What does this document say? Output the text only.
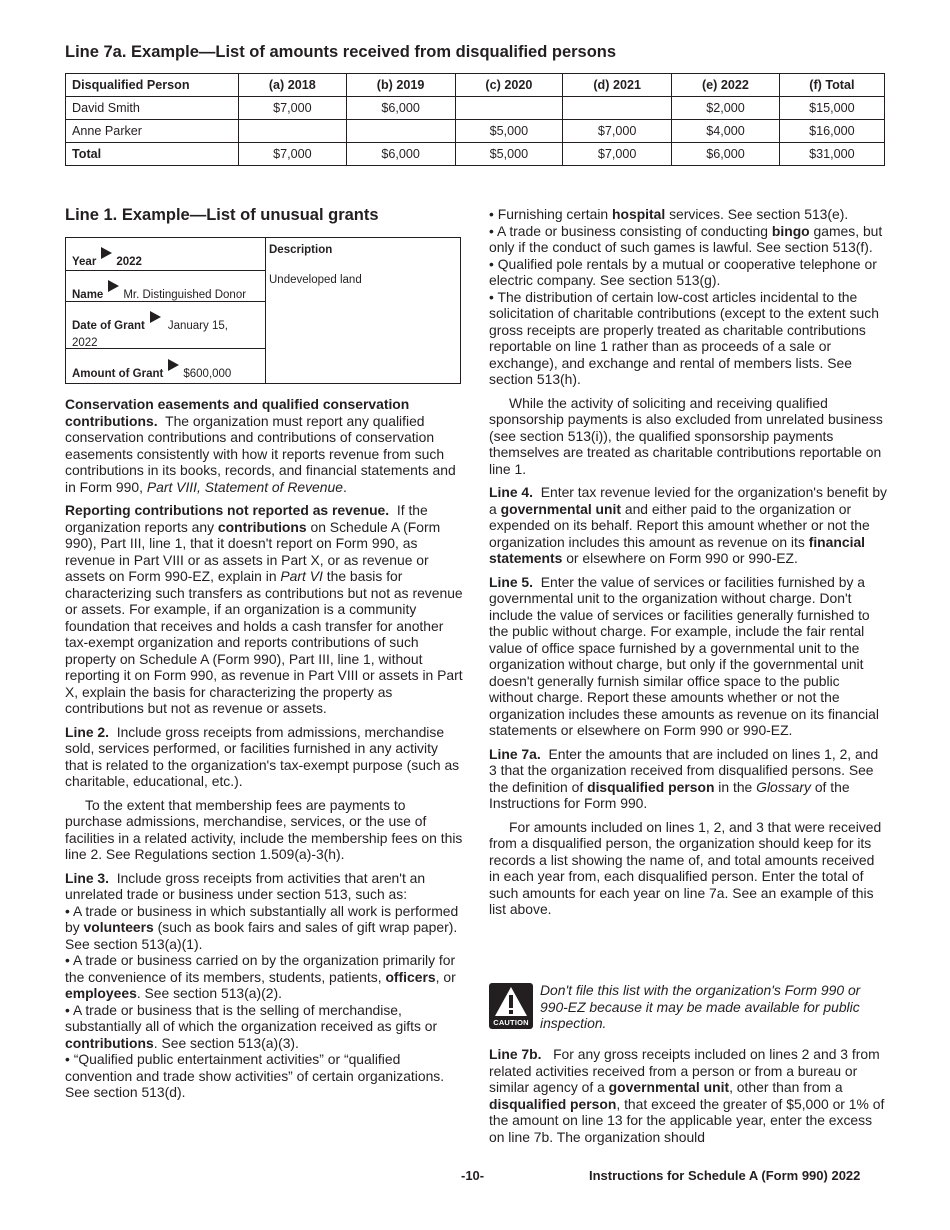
Line 7a. Example—List of amounts received from disqualified persons
Disqualified Person	(a) 2018	(b) 2019	(c) 2020	(d) 2021	(e) 2022	(f) Total
David Smith	$7,000	$6,000			$2,000	$15,000
Anne Parker			$5,000	$7,000	$4,000	$16,000
Total	$7,000	$6,000	$5,000	$7,000	$6,000	$31,000
Line 1. Example—List of unusual grants
Year 2022
Name Mr. Distinguished Donor
Date of Grant January 15,
2022
Amount of Grant $600,000
Description
Undeveloped land

Conservation easements and qualified conservation contributions. The organization must report any qualified conservation contributions and contributions of conservation easements consistently with how it reports revenue from such contributions in its books, records, and financial statements and in Form 990, Part VIII, Statement of Revenue.

Reporting contributions not reported as revenue. If the organization reports any contributions on Schedule A (Form 990), Part III, line 1, that it doesn't report on Form 990, as revenue in Part VIII or as assets in Part X, or as revenue or assets on Form 990-EZ, explain in Part VI the basis for characterizing such transfers as contributions but not as revenue or assets. For example, if an organization is a community foundation that receives and holds a cash transfer for another tax-exempt organization and reports contributions of such property on Schedule A (Form 990), Part III, line 1, without reporting it on Form 990, as revenue in Part VIII or assets in Part X, explain the basis for characterizing the property as contributions but not as revenue or assets.

Line 2. Include gross receipts from admissions, merchandise sold, services performed, or facilities furnished in any activity that is related to the organization's tax-exempt purpose (such as charitable, educational, etc.).

To the extent that membership fees are payments to purchase admissions, merchandise, services, or the use of facilities in a related activity, include the membership fees on this line 2. See Regulations section 1.509(a)-3(h).

Line 3. Include gross receipts from activities that aren't an unrelated trade or business under section 513, such as:

• A trade or business in which substantially all work is performed by volunteers (such as book fairs and sales of gift wrap paper). See section 513(a)(1).
• A trade or business carried on by the organization primarily for the convenience of its members, students, patients, officers, or employees. See section 513(a)(2).
• A trade or business that is the selling of merchandise, substantially all of which the organization received as gifts or contributions. See section 513(a)(3).
• “Qualified public entertainment activities” or “qualified convention and trade show activities” of certain organizations. See section 513(d).
• Furnishing certain hospital services. See section 513(e).
• A trade or business consisting of conducting bingo games, but only if the conduct of such games is lawful. See section 513(f).
• Qualified pole rentals by a mutual or cooperative telephone or electric company. See section 513(g).
• The distribution of certain low-cost articles incidental to the solicitation of charitable contributions (except to the extent such gross receipts are properly treated as charitable contributions reportable on line 1 rather than as proceeds of a sale or exchange), and exchange and rental of members lists. See section 513(h).

While the activity of soliciting and receiving qualified sponsorship payments is also excluded from unrelated business (see section 513(i)), the qualified sponsorship payments themselves are treated as charitable contributions reportable on line 1.

Line 4. Enter tax revenue levied for the organization's benefit by a governmental unit and either paid to the organization or expended on its behalf. Report this amount whether or not the organization includes this amount as revenue on its financial statements or elsewhere on Form 990 or 990-EZ.

Line 5. Enter the value of services or facilities furnished by a governmental unit to the organization without charge. Don't include the value of services or facilities generally furnished to the public without charge. For example, include the fair rental value of office space furnished by a governmental unit to the organization without charge, but only if the governmental unit doesn't generally furnish similar office space to the public without charge. Report these amounts whether or not the organization includes these amounts as revenue on its financial statements or elsewhere on Form 990 or 990-EZ.

Line 7a. Enter the amounts that are included on lines 1, 2, and 3 that the organization received from disqualified persons. See the definition of disqualified person in the Glossary of the Instructions for Form 990.

For amounts included on lines 1, 2, and 3 that were received from a disqualified person, the organization should keep for its records a list showing the name of, and total amounts received in each year from, each disqualified person. Enter the total of such amounts for each year on line 7a. See an example of this list above.

CAUTION
Don't file this list with the organization's Form 990 or 990-EZ because it may be made available for public inspection.

Line 7b. For any gross receipts included on lines 2 and 3 from related activities received from a person or from a bureau or similar agency of a governmental unit, other than from a disqualified person, that exceed the greater of $5,000 or 1% of the amount on line 13 for the applicable year, enter the excess on line 7b. The organization should

-10-	Instructions for Schedule A (Form 990) 2022
